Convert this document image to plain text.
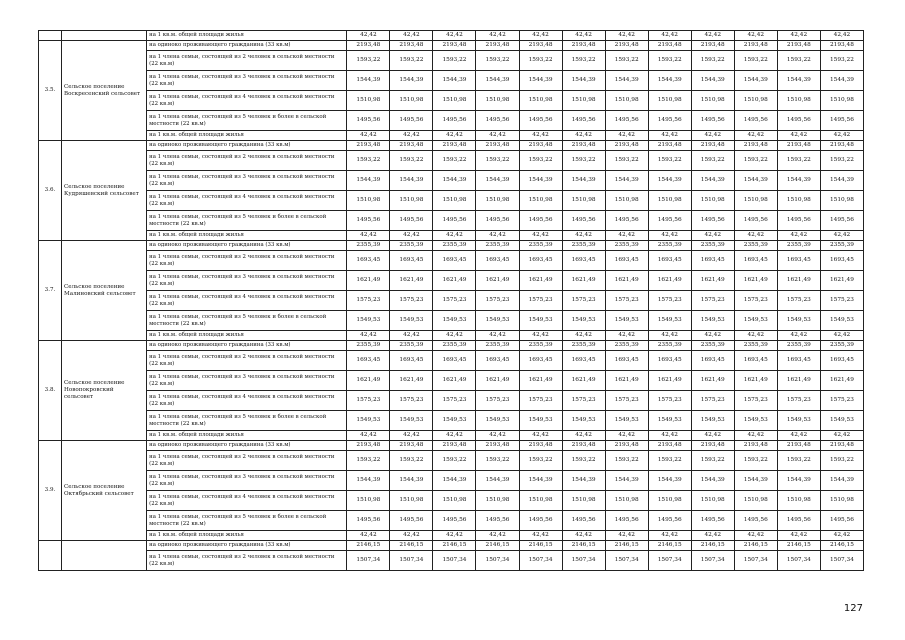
		на 1 кв.м. общей площади жилья	42,42	42,42	42,42	42,42	42,42	42,42	42,42	42,42	42,42	42,42	42,42	42,42
3.5.	Сельское поселение Воскресенский сельсовет	на одиноко проживающего гражданина (33 кв.м)	2193,48	2193,48	2193,48	2193,48	2193,48	2193,48	2193,48	2193,48	2193,48	2193,48	2193,48	2193,48
		на 1 члена семьи, состоящей из 2 человек в сельской местности (22 кв.м)	1593,22	1593,22	1593,22	1593,22	1593,22	1593,22	1593,22	1593,22	1593,22	1593,22	1593,22	1593,22
		на 1 члена семьи, состоящей из 3 человек в сельской местности (22 кв.м)	1544,39	1544,39	1544,39	1544,39	1544,39	1544,39	1544,39	1544,39	1544,39	1544,39	1544,39	1544,39
		на 1 члена семьи, состоящей из 4 человек в сельской местности (22 кв.м)	1510,98	1510,98	1510,98	1510,98	1510,98	1510,98	1510,98	1510,98	1510,98	1510,98	1510,98	1510,98
		на 1 члена семьи, состоящей из 5 человек и более в сельской местности (22 кв.м)	1495,56	1495,56	1495,56	1495,56	1495,56	1495,56	1495,56	1495,56	1495,56	1495,56	1495,56	1495,56
		на 1 кв.м. общей площади жилья	42,42	42,42	42,42	42,42	42,42	42,42	42,42	42,42	42,42	42,42	42,42	42,42
3.6.	Сельское поселение Кудряшевский сельсовет	на одиноко проживающего гражданина (33 кв.м)	2193,48	2193,48	2193,48	2193,48	2193,48	2193,48	2193,48	2193,48	2193,48	2193,48	2193,48	2193,48
		на 1 члена семьи, состоящей из 2 человек в сельской местности (22 кв.м)	1593,22	1593,22	1593,22	1593,22	1593,22	1593,22	1593,22	1593,22	1593,22	1593,22	1593,22	1593,22
		на 1 члена семьи, состоящей из 3 человек в сельской местности (22 кв.м)	1544,39	1544,39	1544,39	1544,39	1544,39	1544,39	1544,39	1544,39	1544,39	1544,39	1544,39	1544,39
		на 1 члена семьи, состоящей из 4 человек в сельской местности (22 кв.м)	1510,98	1510,98	1510,98	1510,98	1510,98	1510,98	1510,98	1510,98	1510,98	1510,98	1510,98	1510,98
		на 1 члена семьи, состоящей из 5 человек и более в сельской местности (22 кв.м)	1495,56	1495,56	1495,56	1495,56	1495,56	1495,56	1495,56	1495,56	1495,56	1495,56	1495,56	1495,56
		на 1 кв.м. общей площади жилья	42,42	42,42	42,42	42,42	42,42	42,42	42,42	42,42	42,42	42,42	42,42	42,42
3.7.	Сельское поселение Малиновский сельсовет	на одиноко проживающего гражданина (33 кв.м)	2355,39	2355,39	2355,39	2355,39	2355,39	2355,39	2355,39	2355,39	2355,39	2355,39	2355,39	2355,39
		на 1 члена семьи, состоящей из 2 человек в сельской местности (22 кв.м)	1693,45	1693,45	1693,45	1693,45	1693,45	1693,45	1693,45	1693,45	1693,45	1693,45	1693,45	1693,45
		на 1 члена семьи, состоящей из 3 человек в сельской местности (22 кв.м)	1621,49	1621,49	1621,49	1621,49	1621,49	1621,49	1621,49	1621,49	1621,49	1621,49	1621,49	1621,49
		на 1 члена семьи, состоящей из 4 человек в сельской местности (22 кв.м)	1575,23	1575,23	1575,23	1575,23	1575,23	1575,23	1575,23	1575,23	1575,23	1575,23	1575,23	1575,23
		на 1 члена семьи, состоящей из 5 человек и более в сельской местности (22 кв.м)	1549,53	1549,53	1549,53	1549,53	1549,53	1549,53	1549,53	1549,53	1549,53	1549,53	1549,53	1549,53
		на 1 кв.м. общей площади жилья	42,42	42,42	42,42	42,42	42,42	42,42	42,42	42,42	42,42	42,42	42,42	42,42
3.8.	Сельское поселение Новопокровский сельсовет	на одиноко проживающего гражданина (33 кв.м)	2355,39	2355,39	2355,39	2355,39	2355,39	2355,39	2355,39	2355,39	2355,39	2355,39	2355,39	2355,39
		на 1 члена семьи, состоящей из 2 человек в сельской местности (22 кв.м)	1693,45	1693,45	1693,45	1693,45	1693,45	1693,45	1693,45	1693,45	1693,45	1693,45	1693,45	1693,45
		на 1 члена семьи, состоящей из 3 человек в сельской местности (22 кв.м)	1621,49	1621,49	1621,49	1621,49	1621,49	1621,49	1621,49	1621,49	1621,49	1621,49	1621,49	1621,49
		на 1 члена семьи, состоящей из 4 человек в сельской местности (22 кв.м)	1575,23	1575,23	1575,23	1575,23	1575,23	1575,23	1575,23	1575,23	1575,23	1575,23	1575,23	1575,23
		на 1 члена семьи, состоящей из 5 человек и более в сельской местности (22 кв.м)	1549,53	1549,53	1549,53	1549,53	1549,53	1549,53	1549,53	1549,53	1549,53	1549,53	1549,53	1549,53
		на 1 кв.м. общей площади жилья	42,42	42,42	42,42	42,42	42,42	42,42	42,42	42,42	42,42	42,42	42,42	42,42
3.9.	Сельское поселение Октябрьский сельсовет	на одиноко проживающего гражданина (33 кв.м)	2193,48	2193,48	2193,48	2193,48	2193,48	2193,48	2193,48	2193,48	2193,48	2193,48	2193,48	2193,48
		на 1 члена семьи, состоящей из 2 человек в сельской местности (22 кв.м)	1593,22	1593,22	1593,22	1593,22	1593,22	1593,22	1593,22	1593,22	1593,22	1593,22	1593,22	1593,22
		на 1 члена семьи, состоящей из 3 человек в сельской местности (22 кв.м)	1544,39	1544,39	1544,39	1544,39	1544,39	1544,39	1544,39	1544,39	1544,39	1544,39	1544,39	1544,39
		на 1 члена семьи, состоящей из 4 человек в сельской местности (22 кв.м)	1510,98	1510,98	1510,98	1510,98	1510,98	1510,98	1510,98	1510,98	1510,98	1510,98	1510,98	1510,98
		на 1 члена семьи, состоящей из 5 человек и более в сельской местности (22 кв.м)	1495,56	1495,56	1495,56	1495,56	1495,56	1495,56	1495,56	1495,56	1495,56	1495,56	1495,56	1495,56
		на 1 кв.м. общей площади жилья	42,42	42,42	42,42	42,42	42,42	42,42	42,42	42,42	42,42	42,42	42,42	42,42
		на одиноко проживающего гражданина (33 кв.м)	2146,15	2146,15	2146,15	2146,15	2146,15	2146,15	2146,15	2146,15	2146,15	2146,15	2146,15	2146,15
		на 1 члена семьи, состоящей из 2 человек в сельской местности (22 кв.м)	1507,34	1507,34	1507,34	1507,34	1507,34	1507,34	1507,34	1507,34	1507,34	1507,34	1507,34	1507,34
127
